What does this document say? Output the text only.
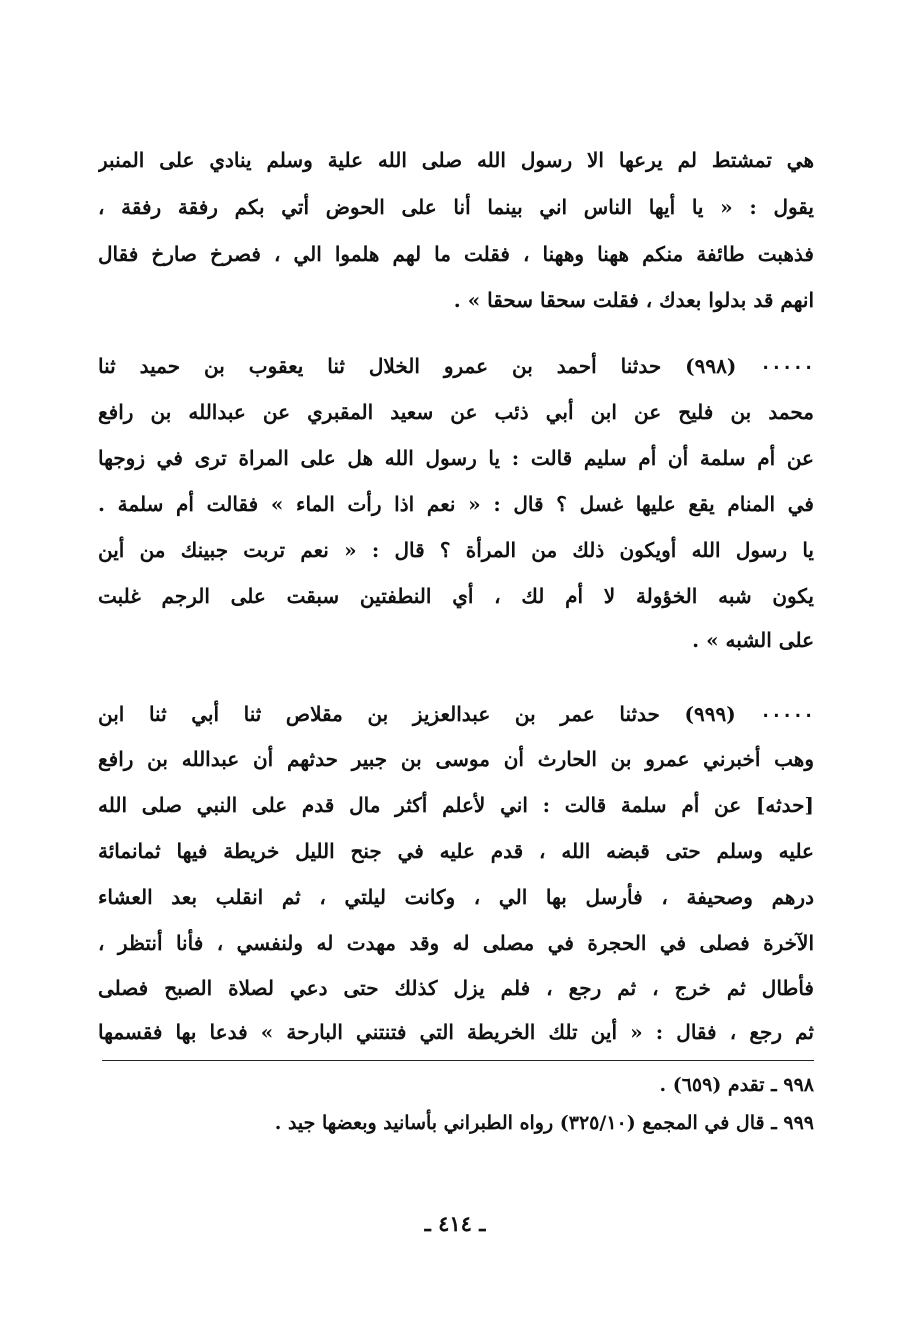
هي تمشتط لم يرعها الا رسول الله صلى الله علية وسلم ينادي على المنبر
يقول : « يا أيها الناس اني بينما أنا على الحوض أتي بكم رفقة رفقة ،
فذهبت طائفة منكم ههنا وههنا ، فقلت ما لهم هلموا الي ، فصرخ صارخ فقال
انهم قد بدلوا بعدك ، فقلت سحقا سحقا » .
٠٠٠٠٠ (٩٩٨) حدثنا أحمد بن عمرو الخلال ثنا يعقوب بن حميد ثنا
محمد بن فليح عن ابن أبي ذئب عن سعيد المقبري عن عبدالله بن رافع
عن أم سلمة أن أم سليم قالت : يا رسول الله هل على المراة ترى في زوجها
في المنام يقع عليها غسل ؟ قال : « نعم اذا رأت الماء » فقالت أم سلمة .
يا رسول الله أويكون ذلك من المرأة ؟ قال : « نعم تربت جبينك من أين
يكون شبه الخؤولة لا أم لك ، أي النطفتين سبقت على الرجم غلبت
على الشبه » .
٠٠٠٠٠ (٩٩٩) حدثنا عمر بن عبدالعزيز بن مقلاص ثنا أبي ثنا ابن
وهب أخبرني عمرو بن الحارث أن موسى بن جبير حدثهم أن عبدالله بن رافع
[حدثه] عن أم سلمة قالت : اني لأعلم أكثر مال قدم على النبي صلى الله
عليه وسلم حتى قبضه الله ، قدم عليه في جنح الليل خريطة فيها ثمانمائة
درهم وصحيفة ، فأرسل بها الي ، وكانت ليلتي ، ثم انقلب بعد العشاء
الآخرة فصلى في الحجرة في مصلى له وقد مهدت له ولنفسي ، فأنا أنتظر ،
فأطال ثم خرج ، ثم رجع ، فلم يزل كذلك حتى دعي لصلاة الصبح فصلى
ثم رجع ، فقال : « أين تلك الخريطة التي فتنتني البارحة » فدعا بها فقسمها
٩٩٨ ـ تقدم (٦٥٩) .
٩٩٩ ـ قال في المجمع (٣٢٥/١٠) رواه الطبراني بأسانيد وبعضها جيد .
ـ ٤١٤ ـ
